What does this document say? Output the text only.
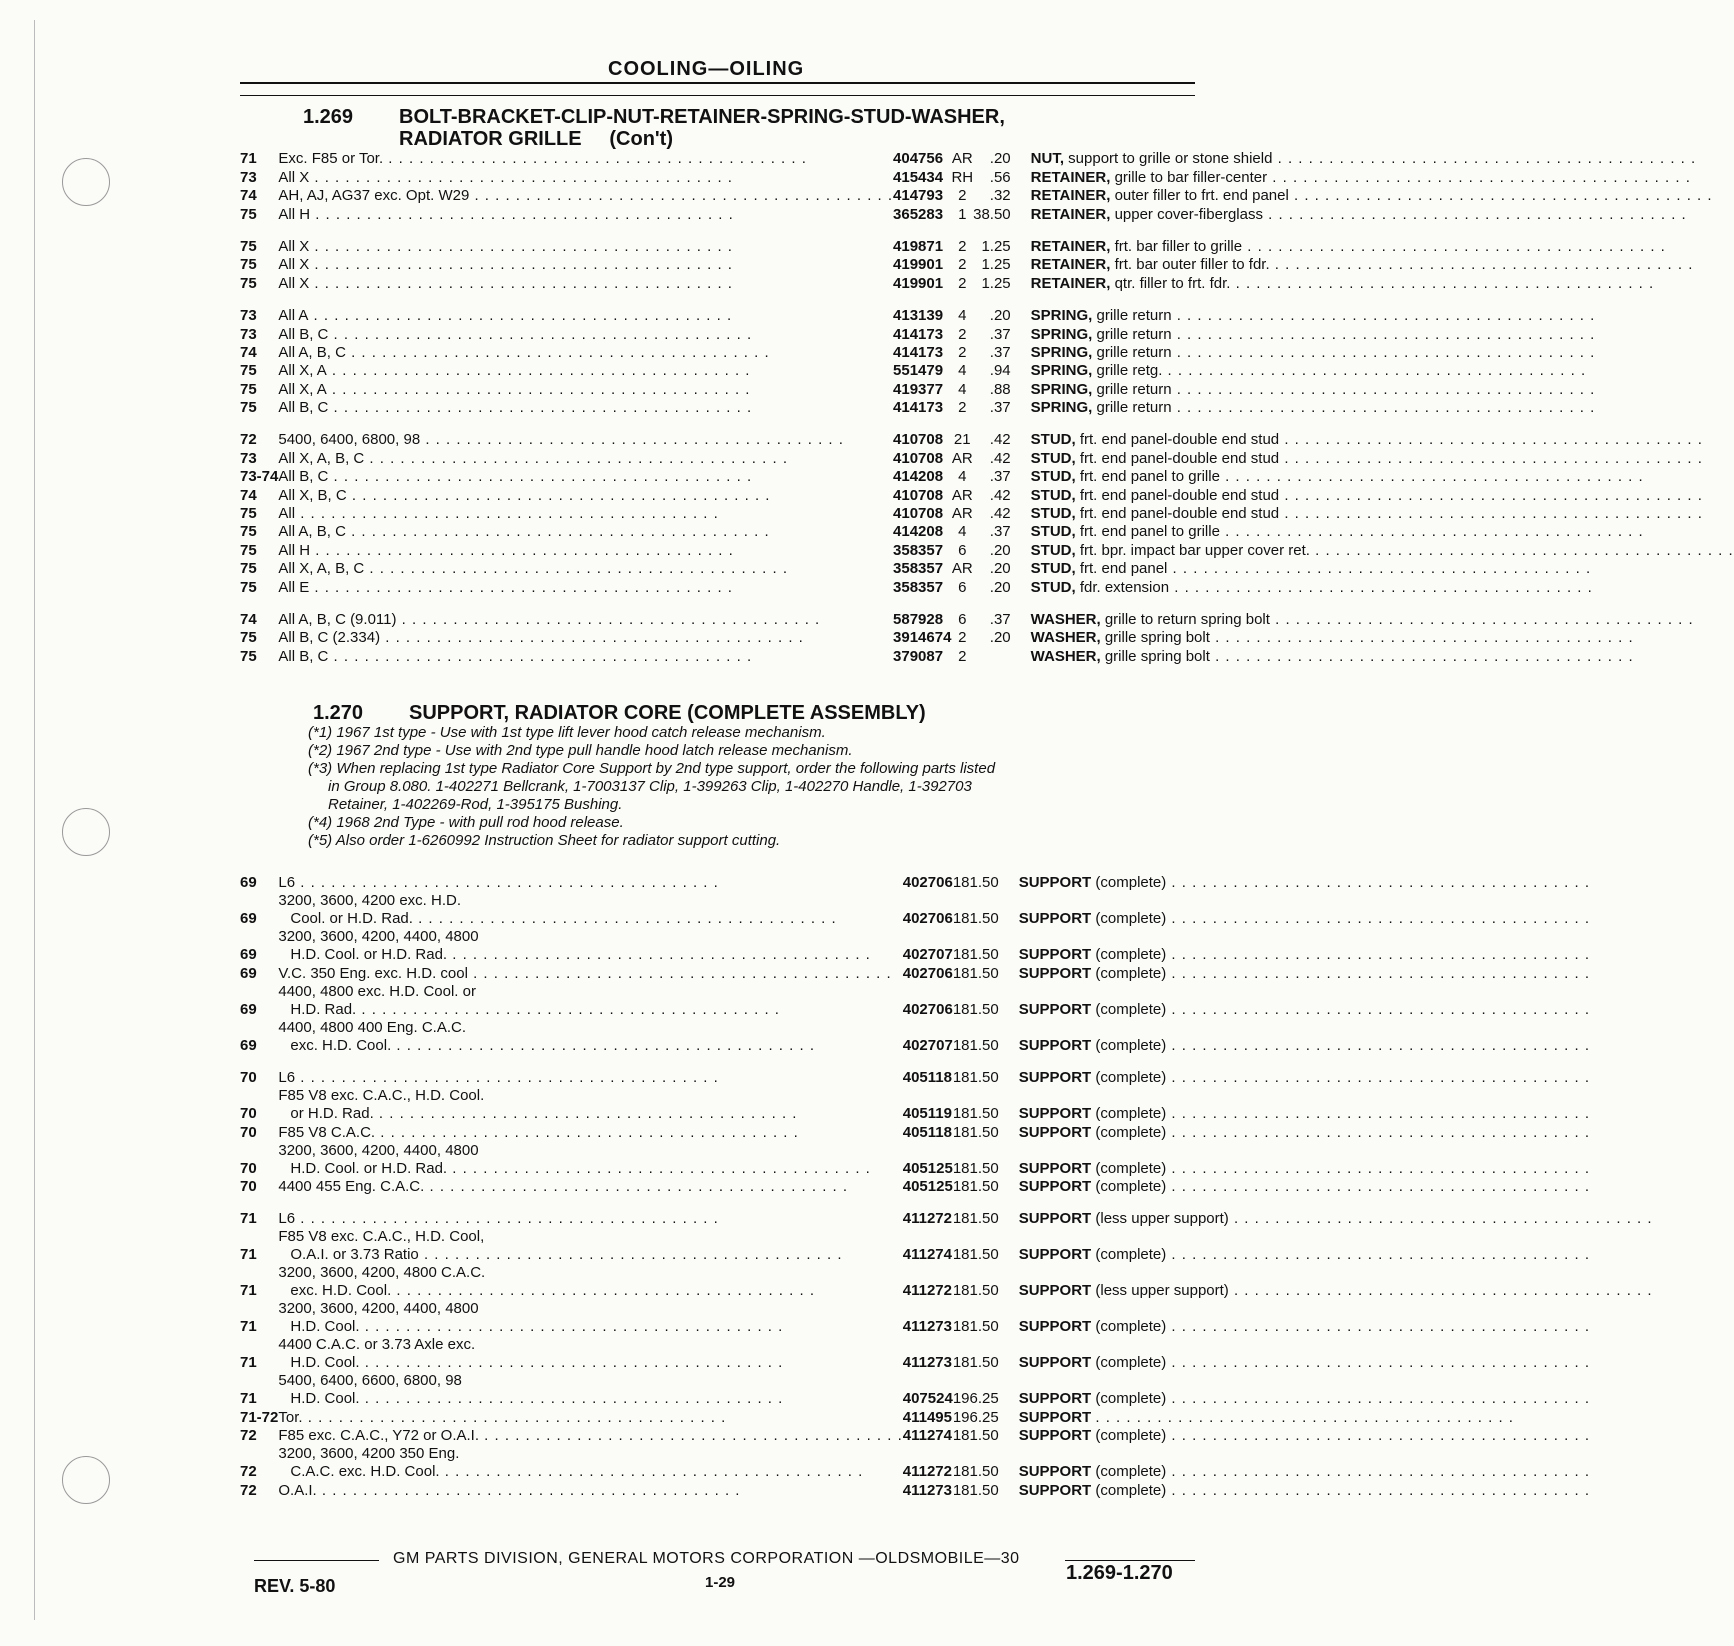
COOLING—OILING
1.269 BOLT-BRACKET-CLIP-NUT-RETAINER-SPRING-STUD-WASHER,
RADIATOR GRILLE (Con't)
71	Exc. F85 or Tor. . . .	404756	AR	.20	NUT, support to grille or stone shield . . .
73	All X . . .	415434	RH	.56	RETAINER, grille to bar filler-center . . .
74	AH, AJ, AG37 exc. Opt. W29 . . .	414793	2	.32	RETAINER, outer filler to frt. end panel . . .
75	All H . . .	365283	1	38.50	RETAINER, upper cover-fiberglass . . .

75	All X . . .	419871	2	1.25	RETAINER, frt. bar filler to grille . . .
75	All X . . .	419901	2	1.25	RETAINER, frt. bar outer filler to fdr. . . .
75	All X . . .	419901	2	1.25	RETAINER, qtr. filler to frt. fdr. . . .

73	All A . . .	413139	4	.20	SPRING, grille return . . .
73	All B, C . . .	414173	2	.37	SPRING, grille return . . .
74	All A, B, C . . .	414173	2	.37	SPRING, grille return . . .
75	All X, A . . .	551479	4	.94	SPRING, grille retg. . . .
75	All X, A . . .	419377	4	.88	SPRING, grille return . . .
75	All B, C . . .	414173	2	.37	SPRING, grille return . . .

72	5400, 6400, 6800, 98 . . .	410708	21	.42	STUD, frt. end panel-double end stud . . .
73	All X, A, B, C . . .	410708	AR	.42	STUD, frt. end panel-double end stud . . .
73-74	All B, C . . .	414208	4	.37	STUD, frt. end panel to grille . . .
74	All X, B, C . . .	410708	AR	.42	STUD, frt. end panel-double end stud . . .
75	All . . .	410708	AR	.42	STUD, frt. end panel-double end stud . . .
75	All A, B, C . . .	414208	4	.37	STUD, frt. end panel to grille . . .
75	All H . . .	358357	6	.20	STUD, frt. bpr. impact bar upper cover ret. . . .
75	All X, A, B, C . . .	358357	AR	.20	STUD, frt. end panel . . .
75	All E . . .	358357	6	.20	STUD, fdr. extension . . .

74	All A, B, C (9.011) . . .	587928	6	.37	WASHER, grille to return spring bolt . . .
75	All B, C (2.334) . . .	3914674	2	.20	WASHER, grille spring bolt . . .
75	All B, C . . .	379087	2		WASHER, grille spring bolt . . .
1.270 SUPPORT, RADIATOR CORE (COMPLETE ASSEMBLY)
(*1) 1967 1st type - Use with 1st type lift lever hood catch release mechanism.
(*2) 1967 2nd type - Use with 2nd type pull handle hood latch release mechanism.
(*3) When replacing 1st type Radiator Core Support by 2nd type support, order the following parts listed
in Group 8.080. 1-402271 Bellcrank, 1-7003137 Clip, 1-399263 Clip, 1-402270 Handle, 1-392703
Retainer, 1-402269-Rod, 1-395175 Bushing.
(*4) 1968 2nd Type - with pull rod hood release.
(*5) Also order 1-6260992 Instruction Sheet for radiator support cutting.
69	L6 . . .	402706	1	81.50	SUPPORT (complete) . . .
69	3200, 3600, 4200 exc. H.D.
Cool. or H.D. Rad. . . .	402706	1	81.50	SUPPORT (complete) . . .
69	3200, 3600, 4200, 4400, 4800
H.D. Cool. or H.D. Rad. . . .	402707	1	81.50	SUPPORT (complete) . . .
69	V.C. 350 Eng. exc. H.D. cool . . .	402706	1	81.50	SUPPORT (complete) . . .
69	4400, 4800 exc. H.D. Cool. or
H.D. Rad. . . .	402706	1	81.50	SUPPORT (complete) . . .
69	4400, 4800 400 Eng. C.A.C.
exc. H.D. Cool. . . .	402707	1	81.50	SUPPORT (complete) . . .

70	L6 . . .	405118	1	81.50	SUPPORT (complete) . . .
70	F85 V8 exc. C.A.C., H.D. Cool.
or H.D. Rad. . . .	405119	1	81.50	SUPPORT (complete) . . .
70	F85 V8 C.A.C. . . .	405118	1	81.50	SUPPORT (complete) . . .
70	3200, 3600, 4200, 4400, 4800
H.D. Cool. or H.D. Rad. . . .	405125	1	81.50	SUPPORT (complete) . . .
70	4400 455 Eng. C.A.C. . . .	405125	1	81.50	SUPPORT (complete) . . .

71	L6 . . .	411272	1	81.50	SUPPORT (less upper support) . . .
71	F85 V8 exc. C.A.C., H.D. Cool,
O.A.I. or 3.73 Ratio . . .	411274	1	81.50	SUPPORT (complete) . . .
71	3200, 3600, 4200, 4800 C.A.C.
exc. H.D. Cool. . . .	411272	1	81.50	SUPPORT (less upper support) . . .
71	3200, 3600, 4200, 4400, 4800
H.D. Cool. . . .	411273	1	81.50	SUPPORT (complete) . . .
71	4400 C.A.C. or 3.73 Axle exc.
H.D. Cool. . . .	411273	1	81.50	SUPPORT (complete) . . .
71	5400, 6400, 6600, 6800, 98
H.D. Cool. . . .	407524	1	96.25	SUPPORT (complete) . . .
71-72	Tor. . . .	411495	1	96.25	SUPPORT . . .
72	F85 exc. C.A.C., Y72 or O.A.I. . . .	411274	1	81.50	SUPPORT (complete) . . .
72	3200, 3600, 4200 350 Eng.
C.A.C. exc. H.D. Cool. . . .	411272	1	81.50	SUPPORT (complete) . . .
72	O.A.I. . . .	411273	1	81.50	SUPPORT (complete) . . .
GM PARTS DIVISION, GENERAL MOTORS CORPORATION —OLDSMOBILE—30
REV. 5-80	1-29	1.269-1.270
